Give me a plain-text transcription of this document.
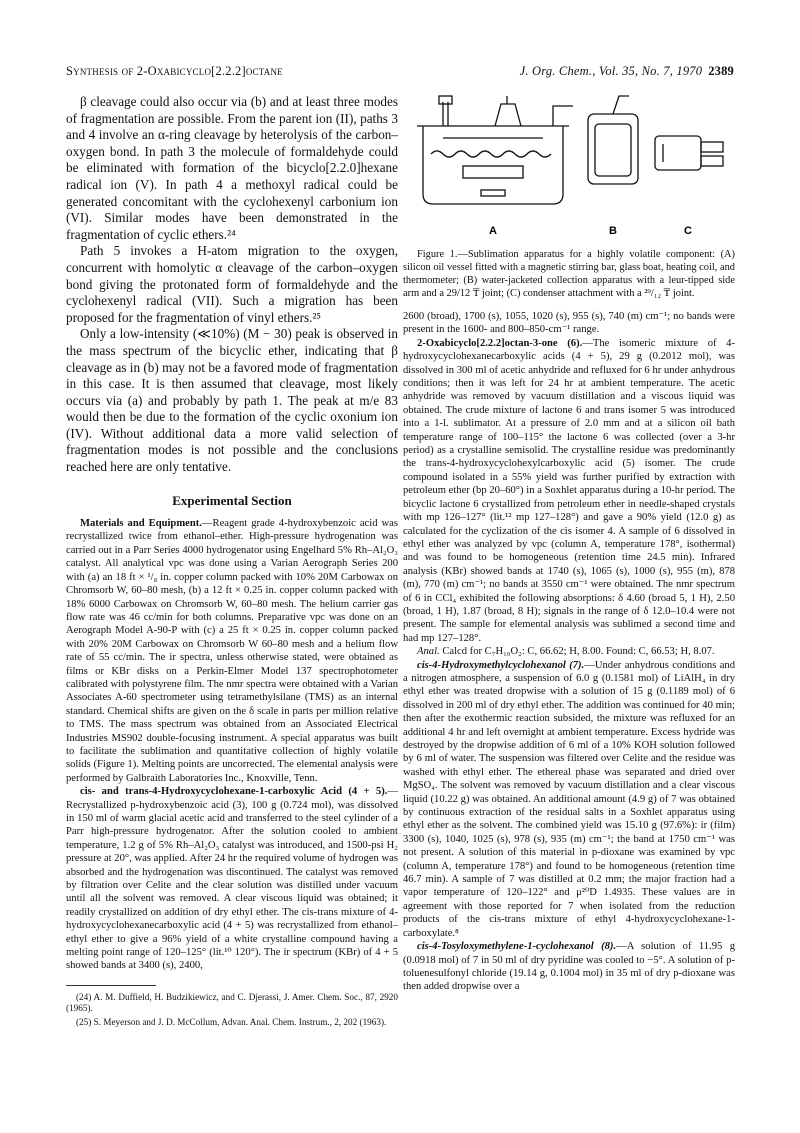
Synthesis of 2-Oxabicyclo[2.2.2]octane	J. Org. Chem., Vol. 35, No. 7, 1970 2389

β cleavage could also occur via (b) and at least three modes of fragmentation are possible. From the parent ion (II), paths 3 and 4 involve an α-ring cleavage by heterolysis of the carbon–oxygen bond. In path 3 the molecule of formaldehyde could be eliminated with formation of the bicyclo[2.2.0]hexane radical ion (V). In path 4 a methoxyl radical could be generated concomitant with the cyclohexenyl carbonium ion (VI). Similar modes have been demonstrated in the fragmentation of cyclic ethers.²⁴

Path 5 invokes a H-atom migration to the oxygen, concurrent with homolytic α cleavage of the carbon–oxygen bond giving the protonated form of formaldehyde and the cyclohexenyl radical (VII). Such a migration has been proposed for the fragmentation of vinyl ethers.²⁵

Only a low-intensity (≪10%) (M − 30) peak is observed in the mass spectrum of the bicyclic ether, indicating that β cleavage as in (b) may not be a favored mode of fragmentation in this case. It is then assumed that cleavage, most likely occurs via (a) and probably by path 1. The peak at m/e 83 would then be due to the formation of the cyclic oxonium ion (IV). Without additional data a more valid selection of fragmentation modes is not possible and the conclusions reached here are only tentative.

Experimental Section

Materials and Equipment.—Reagent grade 4-hydroxybenzoic acid was recrystallized twice from ethanol–ether. High-pressure hydrogenation was carried out in a Parr Series 4000 hydrogenator using Engelhard 5% Rh–Al₂O₃ catalyst. All analytical vpc was done using a Varian Aerograph Series 200 with (a) an 18 ft × ¹/₈ in. copper column packed with 10% 20M Carbowax on Chromsorb W, 60–80 mesh, (b) a 12 ft × 0.25 in. copper column packed with 18% 6000 Carbowax on Chromsorb W, 60–80 mesh. The helium carrier gas flow rate was 46 cc/min for both columns. Preparative vpc was done on an Aerograph Model A-90-P with (c) a 25 ft × 0.25 in. copper column packed with 20% 20M Carbowax on Chromsorb W 60–80 mesh and a helium flow rate of 55 cc/min. The ir spectra, unless otherwise stated, were obtained as films or KBr disks on a Perkin-Elmer Model 137 spectrophotometer calibrated with polystyrene film. The nmr spectra were obtained with a Varian Associates A-60 spectrometer using tetramethylsilane (TMS) as an internal standard. Chemical shifts are given on the δ scale in parts per million relative to TMS. The mass spectrum was obtained from an Associated Electrical Industries MS902 double-focusing instrument. A special apparatus was built to facilitate the sublimation and quantitative collection of highly volatile solids (Figure 1). Melting points are uncorrected. The elemental analysis were performed by Galbraith Laboratories Inc., Knoxville, Tenn.

cis- and trans-4-Hydroxycyclohexane-1-carboxylic Acid (4 + 5).—Recrystallized p-hydroxybenzoic acid (3), 100 g (0.724 mol), was dissolved in 150 ml of warm glacial acetic acid and transferred to the steel cylinder of a Parr high-pressure hydrogenator. After the solution cooled to ambient temperature, 1.2 g of 5% Rh–Al₂O₃ catalyst was introduced, and 1500-psi H₂ pressure at 20°, was applied. After 24 hr the required volume of hydrogen was absorbed and the hydrogenation was discontinued. The catalyst was removed by filtration over Celite and the clear solution was distilled under vacuum until all the solvent was removed. A clear viscous liquid was obtained; it readily crystallized on addition of dry ethyl ether. The cis-trans mixture of 4-hydroxycyclohexanecarboxylic acid (4 + 5) was recrystallized from ethanol–ethyl ether to give a 96% yield of a white crystalline compound having a melting point range of 120–125° (lit.¹⁰ 120°). The ir spectrum (KBr) of 4 + 5 showed bands at 3400 (s), 2400,

(24) A. M. Duffield, H. Budzikiewicz, and C. Djerassi, J. Amer. Chem. Soc., 87, 2920 (1965).

(25) S. Meyerson and J. D. McCollum, Advan. Anal. Chem. Instrum., 2, 202 (1963).

A	B	C

Figure 1.—Sublimation apparatus for a highly volatile component: (A) silicon oil vessel fitted with a magnetic stirring bar, glass boat, heating coil, and thermometer; (B) water-jacketed collection apparatus with a leur-tipped side arm and a 29/12 ₸ joint; (C) condenser attachment with a ²⁹/₁₂ ₸ joint.

2600 (broad), 1700 (s), 1055, 1020 (s), 955 (s), 740 (m) cm⁻¹; no bands were present in the 1600- and 800–850-cm⁻¹ range.

2-Oxabicyclo[2.2.2]octan-3-one (6).—The isomeric mixture of 4-hydroxycyclohexanecarboxylic acids (4 + 5), 29 g (0.2012 mol), was dissolved in 300 ml of acetic anhydride and refluxed for 6 hr under anhydrous conditions; then it was left for 24 hr at ambient temperature. The acetic anhydride was removed by vacuum distillation and a viscous liquid was obtained. The crude mixture of lactone 6 and trans isomer 5 was introduced into a 1-l. sublimator. At a pressure of 2.0 mm and at a silicon oil bath temperature range of 100–115° the lactone 6 was collected (over a 3-hr period) as a crystalline semisolid. The crystalline residue was predominantly the trans-4-hydroxycyclohexylcarboxylic acid (5) isomer. The crude compound isolated in a 55% yield was further purified by extraction with petroleum ether (bp 20–60°) in a Soxhlet apparatus during a 10-hr period. The bicyclic lactone 6 crystallized from petroleum ether in needle-shaped crystals with mp 126–127° (lit.¹² mp 127–128°) and gave a 90% yield (12.0 g) as calculated for the cyclization of the cis isomer 4. A sample of 6 dissolved in ethyl ether was analyzed by vpc (column A, temperature 178°, isothermal) and was found to be homogeneous (retention time 24.5 min). Infrared analysis (KBr) showed bands at 1740 (s), 1065 (s), 1000 (s), 955 (m), 878 (m), 770 (m) cm⁻¹; no bands at 3550 cm⁻¹ were obtained. The nmr spectrum of 6 in CCl₄ exhibited the following absorptions: δ 4.60 (broad 5, 1 H), 2.50 (broad, 1 H), 1.87 (broad, 8 H); signals in the range of δ 12.0–10.4 were not present. The sample for elemental analysis was sublimed a second time and had mp 127–128°.

Anal. Calcd for C₇H₁₀O₂: C, 66.62; H, 8.00. Found: C, 66.53; H, 8.07.

cis-4-Hydroxymethylcyclohexanol (7).—Under anhydrous conditions and a nitrogen atmosphere, a suspension of 6.0 g (0.1581 mol) of LiAlH₄ in dry ethyl ether was treated dropwise with a solution of 15 g (0.1189 mol) of 6 dissolved in 200 ml of dry ethyl ether. The addition was continued for 40 min; then after the exothermic reaction subsided, the mixture was refluxed for an additional 4 hr and left overnight at ambient temperature. Excess hydride was destroyed by the dropwise addition of 6 ml of a 10% KOH solution followed by 6 ml of water. The suspension was filtered over Celite and the residue was washed with ethyl ether. The ethereal phase was separated and dried over MgSO₄. The solvent was removed by vacuum distillation and a clear viscous liquid (10.22 g) was obtained. An additional amount (4.9 g) of 7 was obtained by continuous extraction of the residual salts in a Soxhlet apparatus using ethyl ether as the solvent. The combined yield was 15.10 g (97.6%): ir (film) 3300 (s), 1040, 1025 (s), 978 (s), 935 (m) cm⁻¹; the band at 1750 cm⁻¹ was not present. A solution of this material in p-dioxane was examined by vpc (column A, temperature 178°) and found to be homogeneous (retention time 46.7 min). A sample of 7 was distilled at 0.2 mm; the major fraction had a vapor temperature of 120–122° and μ²⁰D 1.4935. These values are in agreement with those reported for 7 when isolated from the reduction products of the cis-trans mixture of ethyl 4-hydroxycyclohexane-1-carboxylate.⁸

cis-4-Tosyloxymethylene-1-cyclohexanol (8).—A solution of 11.95 g (0.0918 mol) of 7 in 50 ml of dry pyridine was cooled to −5°. A solution of p-toluenesulfonyl chloride (19.14 g, 0.1004 mol) in 35 ml of dry p-dioxane was then added dropwise over a
